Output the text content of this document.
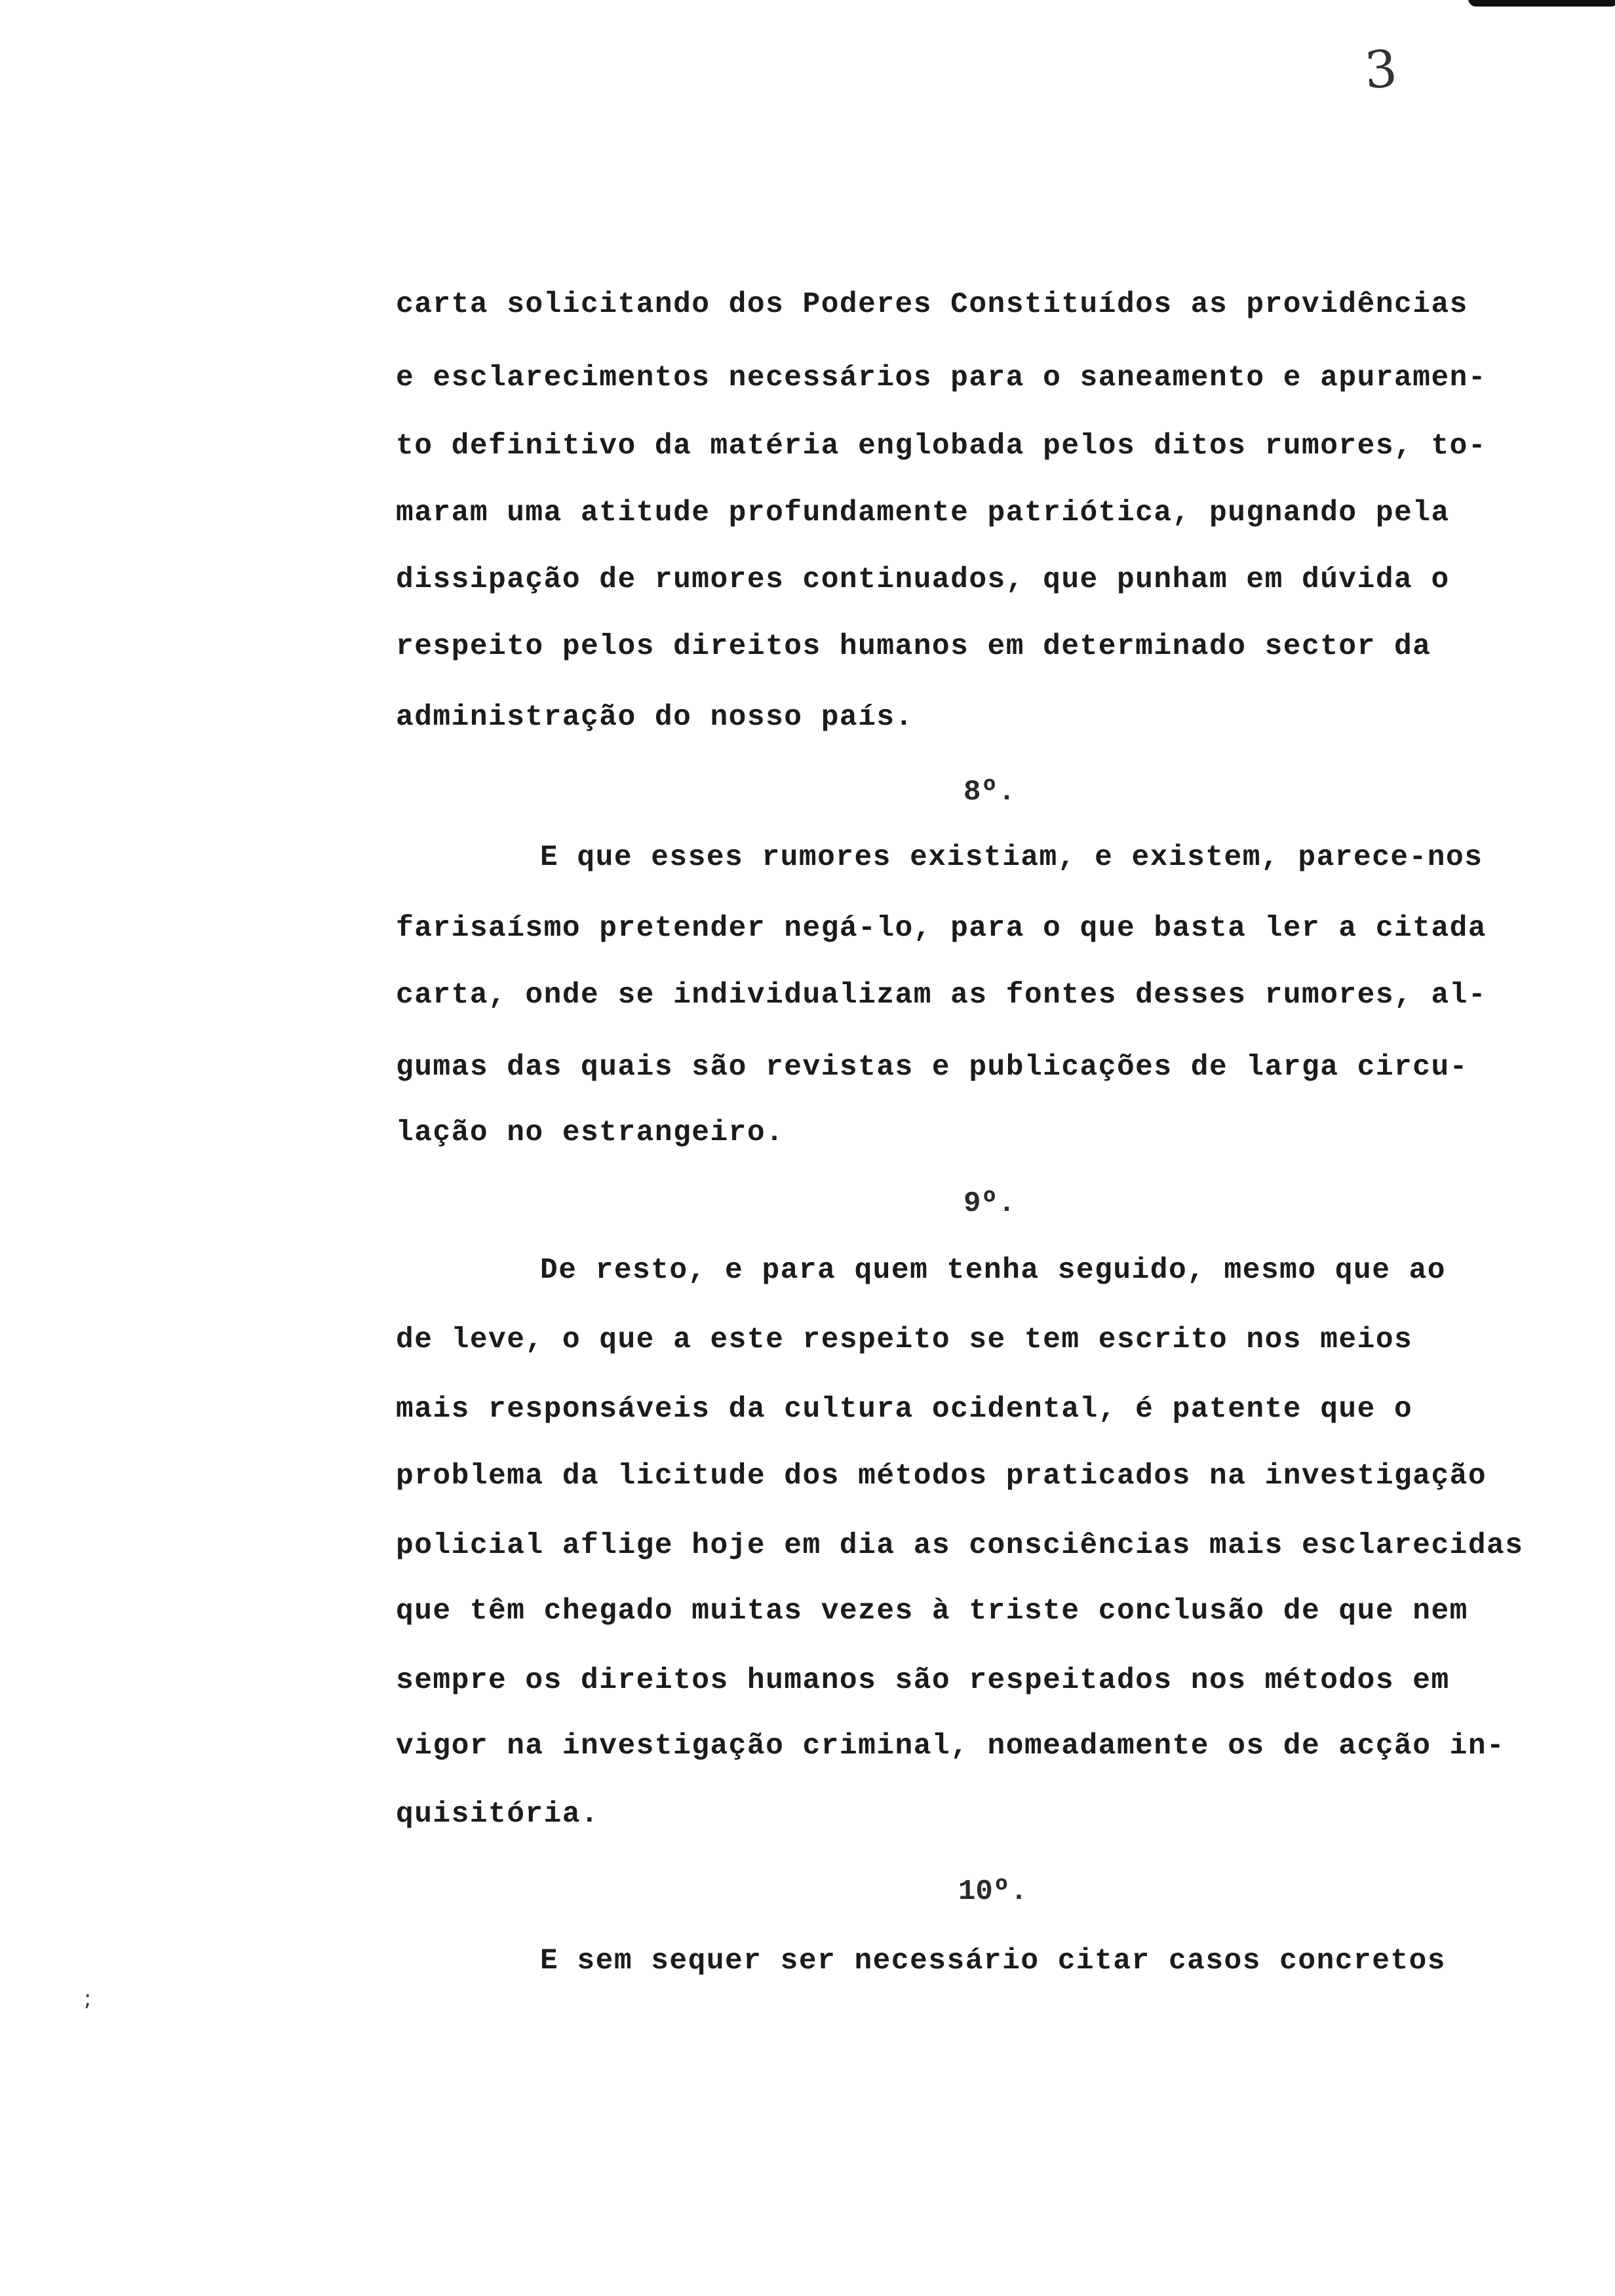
3
carta solicitando dos Poderes Constituídos as providências
e esclarecimentos necessários para o saneamento e apuramen-
to definitivo da matéria englobada pelos ditos rumores, to-
maram uma atitude profundamente patriótica, pugnando pela
dissipação de rumores continuados, que punham em dúvida o
respeito pelos direitos humanos em determinado sector da
administração do nosso país.
8º.
E que esses rumores existiam, e existem, parece-nos
farisaísmo pretender negá-lo, para o que basta ler a citada
carta, onde se individualizam as fontes desses rumores, al-
gumas das quais são revistas e publicações de larga circu-
lação no estrangeiro.
9º.
De resto, e para quem tenha seguido, mesmo que ao
de leve, o que a este respeito se tem escrito nos meios
mais responsáveis da cultura ocidental, é patente que o
problema da licitude dos métodos praticados na investigação
policial aflige hoje em dia as consciências mais esclarecidas
que têm chegado muitas vezes à triste conclusão de que nem
sempre os direitos humanos são respeitados nos métodos em
vigor na investigação criminal, nomeadamente os de acção in-
quisitória.
10º.
E sem sequer ser necessário citar casos concretos
;
